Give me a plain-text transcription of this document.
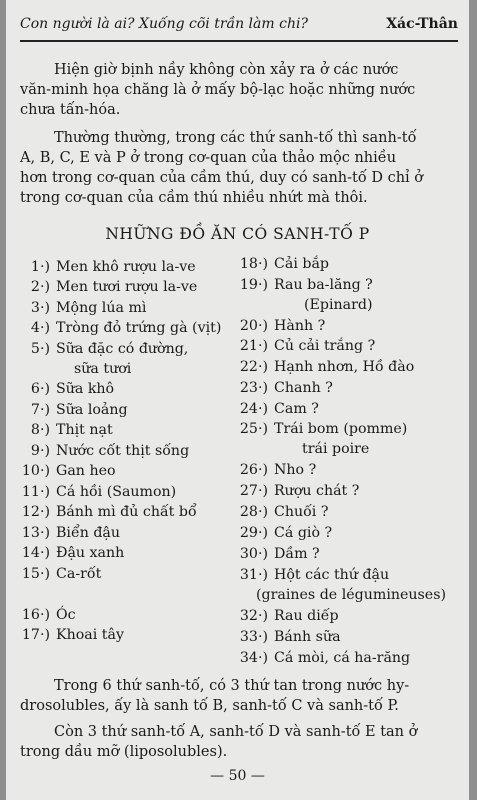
Con người là ai? Xuống cõi trần làm chi?	Xác-Thân
Hiện giờ bịnh nầy không còn xảy ra ở các nước
văn-minh họa chăng là ở mấy bộ-lạc hoặc những nước
chưa tấn-hóa.
Thường thường, trong các thứ sanh-tố thì sanh-tố
A, B, C, E và P ở trong cơ-quan của thảo mộc nhiều
hơn trong cơ-quan của cầm thú, duy có sanh-tố D chỉ ở
trong cơ-quan của cầm thú nhiều nhứt mà thôi.
NHỮNG ĐỒ ĂN CÓ SANH-TỐ P
1·) Men khô rượu la-ve
2·) Men tươi rượu la-ve
3·) Mộng lúa mì
4·) Tròng đỏ trứng gà (vịt)
5·) Sữa đặc có đường,
sữa tươi
6·) Sữa khô
7·) Sữa loảng
8·) Thịt nạt
9·) Nước cốt thịt sống
10·) Gan heo
11·) Cá hồi (Saumon)
12·) Bánh mì đủ chất bổ
13·) Biển đậu
14·) Đậu xanh
15·) Ca-rốt
16·) Óc
17·) Khoai tây
18·) Cải bắp
19·) Rau ba-lăng ?
(Epinard)
20·) Hành ?
21·) Củ cải trắng ?
22·) Hạnh nhơn, Hồ đào
23·) Chanh ?
24·) Cam ?
25·) Trái bom (pomme)
trái poire
26·) Nho ?
27·) Rượu chát ?
28·) Chuối ?
29·) Cá giò ?
30·) Dầm ?
31·) Hột các thứ đậu
(graines de légumineuses)
32·) Rau diếp
33·) Bánh sữa
34·) Cá mòi, cá ha-răng
Trong 6 thứ sanh-tố, có 3 thứ tan trong nước hy-
drosolubles, ấy là sanh tố B, sanh-tố C và sanh-tố P.
Còn 3 thứ sanh-tố A, sanh-tố D và sanh-tố E tan ở
trong dầu mỡ (liposolubles).
— 50 —
